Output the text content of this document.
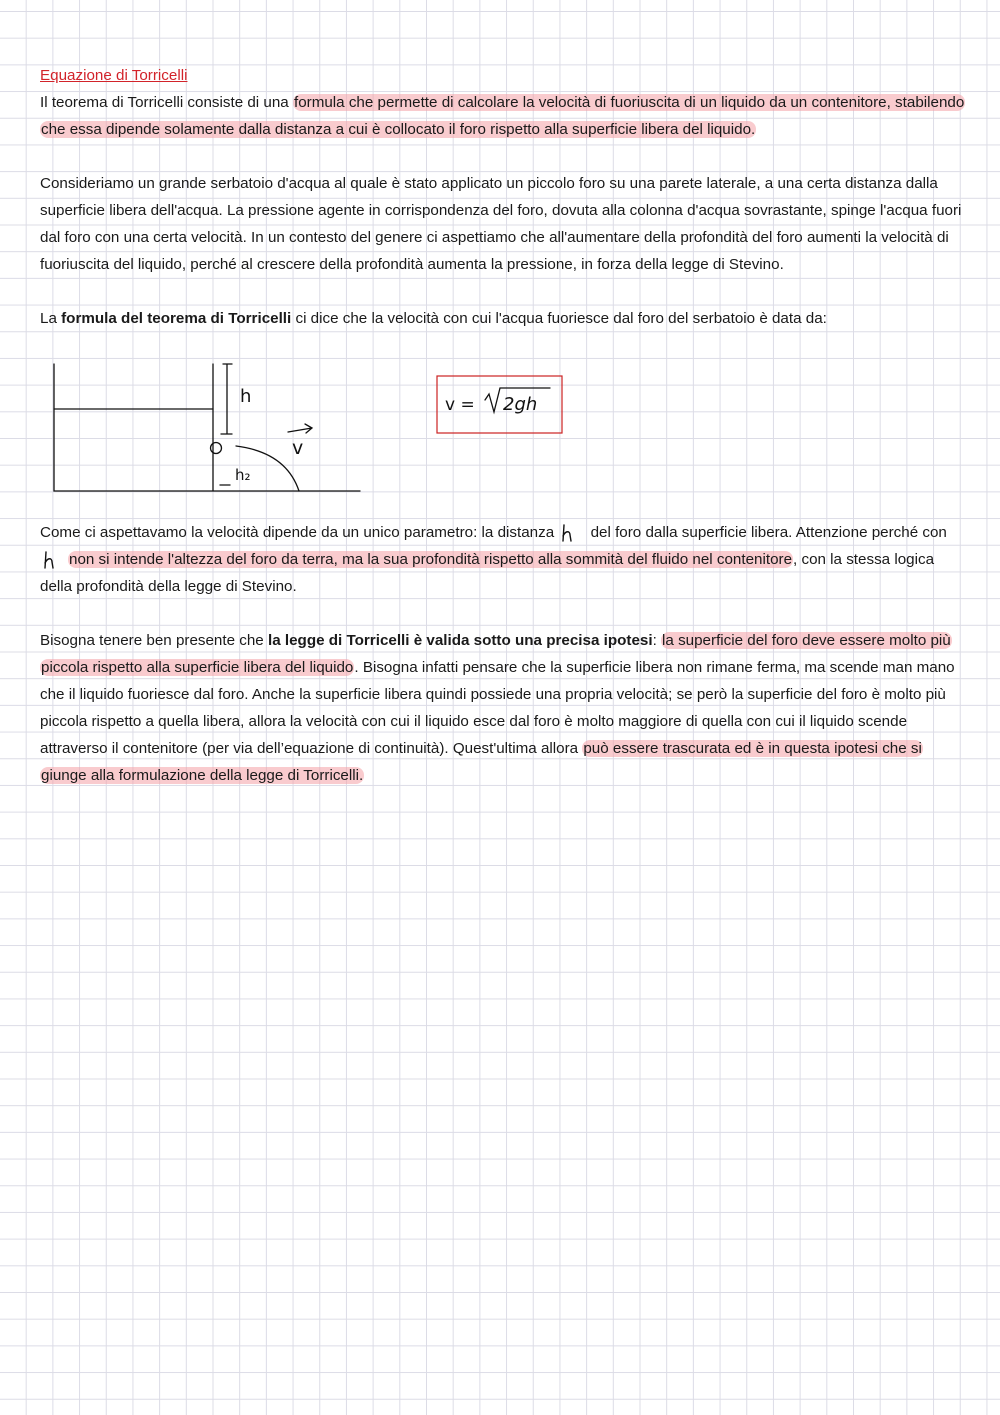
Equazione di Torricelli

Il teorema di Torricelli consiste di una formula che permette di calcolare la velocità di fuoriuscita di un liquido da un contenitore, stabilendo che essa dipende solamente dalla distanza a cui è collocato il foro rispetto alla superficie libera del liquido.

Consideriamo un grande serbatoio d'acqua al quale è stato applicato un piccolo foro su una parete laterale, a una certa distanza dalla superficie libera dell'acqua. La pressione agente in corrispondenza del foro, dovuta alla colonna d'acqua sovrastante, spinge l'acqua fuori dal foro con una certa velocità. In un contesto del genere ci aspettiamo che all'aumentare della profondità del foro aumenti la velocità di fuoriuscita del liquido, perché al crescere della profondità aumenta la pressione, in forza della legge di Stevino.

La formula del teorema di Torricelli ci dice che la velocità con cui l'acqua fuoriesce dal foro del serbatoio è data da:

h
h₂
v
v = 2gh

Come ci aspettavamo la velocità dipende da un unico parametro: la distanza
del foro dalla superficie libera. Attenzione perché con
non si intende l'altezza del foro da terra, ma la sua profondità rispetto alla sommità del fluido nel contenitore, con la stessa logica della profondità della legge di Stevino.

Bisogna tenere ben presente che la legge di Torricelli è valida sotto una precisa ipotesi: la superficie del foro deve essere molto più piccola rispetto alla superficie libera del liquido. Bisogna infatti pensare che la superficie libera non rimane ferma, ma scende man mano che il liquido fuoriesce dal foro. Anche la superficie libera quindi possiede una propria velocità; se però la superficie del foro è molto più piccola rispetto a quella libera, allora la velocità con cui il liquido esce dal foro è molto maggiore di quella con cui il liquido scende attraverso il contenitore (per via dell’equazione di continuità). Quest'ultima allora può essere trascurata ed è in questa ipotesi che si giunge alla formulazione della legge di Torricelli.
